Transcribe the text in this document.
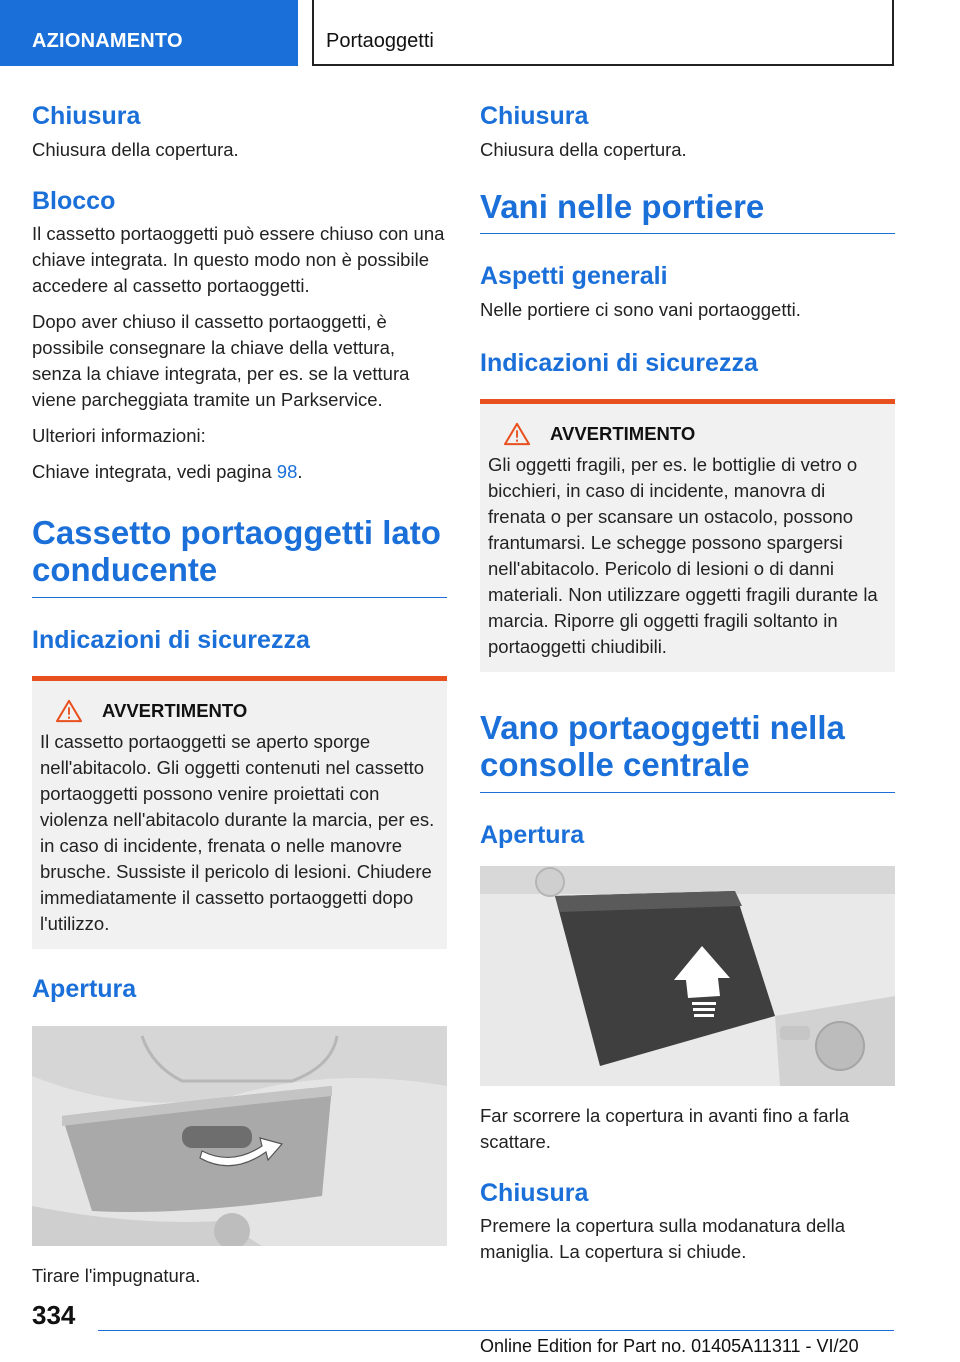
AZIONAMENTO	Portaoggetti
Chiusura
Chiusura della copertura.
Blocco
Il cassetto portaoggetti può essere chiuso con una chiave integrata. In questo modo non è possibile accedere al cassetto portaoggetti.
Dopo aver chiuso il cassetto portaoggetti, è possibile consegnare la chiave della vettura, senza la chiave integrata, per es. se la vettura viene parcheggiata tramite un Parkservice.
Ulteriori informazioni:
Chiave integrata, vedi pagina 98.
Cassetto portaoggetti lato conducente
Indicazioni di sicurezza
AVVERTIMENTO
Il cassetto portaoggetti se aperto sporge nell'abitacolo. Gli oggetti contenuti nel cassetto portaoggetti possono venire proiettati con violenza nell'abitacolo durante la marcia, per es. in caso di incidente, frenata o nelle manovre brusche. Sussiste il pericolo di lesioni. Chiudere immediatamente il cassetto portaoggetti dopo l'utilizzo.
Apertura
Tirare l'impugnatura.
Chiusura
Chiusura della copertura.
Vani nelle portiere
Aspetti generali
Nelle portiere ci sono vani portaoggetti.
Indicazioni di sicurezza
AVVERTIMENTO
Gli oggetti fragili, per es. le bottiglie di vetro o bicchieri, in caso di incidente, manovra di frenata o per scansare un ostacolo, possono frantumarsi. Le schegge possono spargersi nell'abitacolo. Pericolo di lesioni o di danni materiali. Non utilizzare oggetti fragili durante la marcia. Riporre gli oggetti fragili soltanto in portaoggetti chiudibili.
Vano portaoggetti nella consolle centrale
Apertura
Far scorrere la copertura in avanti fino a farla scattare.
Chiusura
Premere la copertura sulla modanatura della maniglia. La copertura si chiude.
334
Online Edition for Part no. 01405A11311 - VI/20
